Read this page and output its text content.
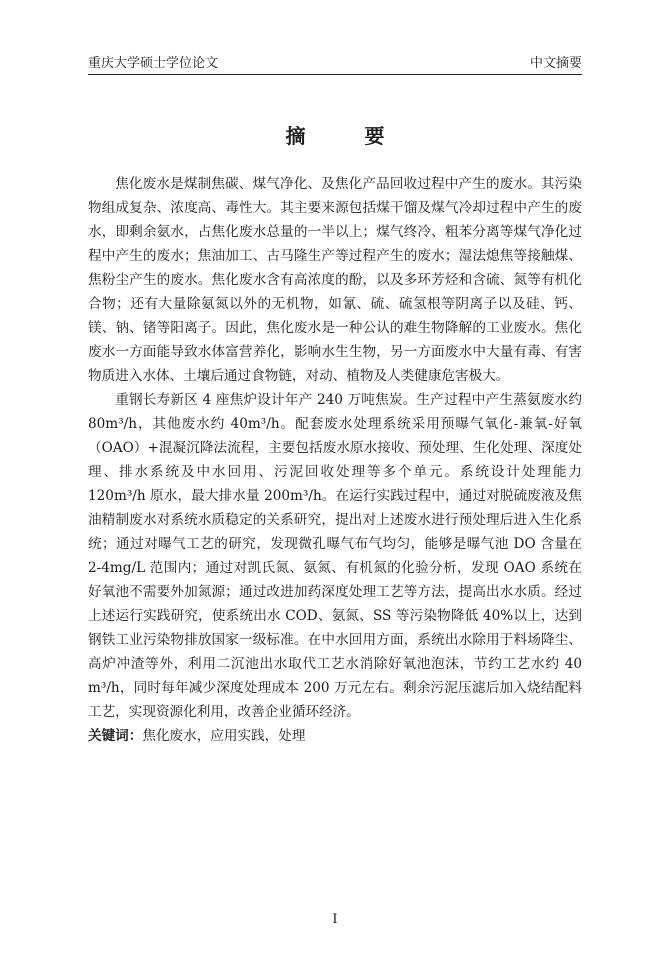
重庆大学硕士学位论文	中文摘要
摘 要

焦化废水是煤制焦碳、煤气净化、及焦化产品回收过程中产生的废水。其污染物组成复杂、浓度高、毒性大。其主要来源包括煤干馏及煤气冷却过程中产生的废水，即剩余氨水，占焦化废水总量的一半以上；煤气终冷、粗苯分离等煤气净化过程中产生的废水；焦油加工、古马隆生产等过程产生的废水；湿法熄焦等接触煤、焦粉尘产生的废水。焦化废水含有高浓度的酚，以及多环芳烃和含硫、氮等有机化合物；还有大量除氨氮以外的无机物，如氰、硫、硫氢根等阴离子以及硅、钙、镁、钠、锗等阳离子。因此，焦化废水是一种公认的难生物降解的工业废水。焦化废水一方面能导致水体富营养化，影响水生生物，另一方面废水中大量有毒、有害物质进入水体、土壤后通过食物链，对动、植物及人类健康危害极大。

重钢长寿新区 4 座焦炉设计年产 240 万吨焦炭。生产过程中产生蒸氨废水约 80m³/h，其他废水约 40m³/h。配套废水处理系统采用预曝气氧化-兼氧-好氧（OAO）+混凝沉降法流程，主要包括废水原水接收、预处理、生化处理、深度处理、排水系统及中水回用、污泥回收处理等多个单元。系统设计处理能力 120m³/h 原水，最大排水量 200m³/h。在运行实践过程中，通过对脱硫废液及焦油精制废水对系统水质稳定的关系研究，提出对上述废水进行预处理后进入生化系统；通过对曝气工艺的研究，发现微孔曝气布气均匀，能够是曝气池 DO 含量在 2-4mg/L 范围内；通过对凯氏氮、氨氮、有机氮的化验分析，发现 OAO 系统在好氧池不需要外加氮源；通过改进加药深度处理工艺等方法，提高出水水质。经过上述运行实践研究，使系统出水 COD、氨氮、SS 等污染物降低 40%以上，达到钢铁工业污染物排放国家一级标准。在中水回用方面，系统出水除用于料场降尘、高炉冲渣等外，利用二沉池出水取代工艺水消除好氧池泡沫，节约工艺水约 40 m³/h，同时每年减少深度处理成本 200 万元左右。剩余污泥压滤后加入烧结配料工艺，实现资源化利用，改善企业循环经济。

关键词：焦化废水，应用实践，处理

I
